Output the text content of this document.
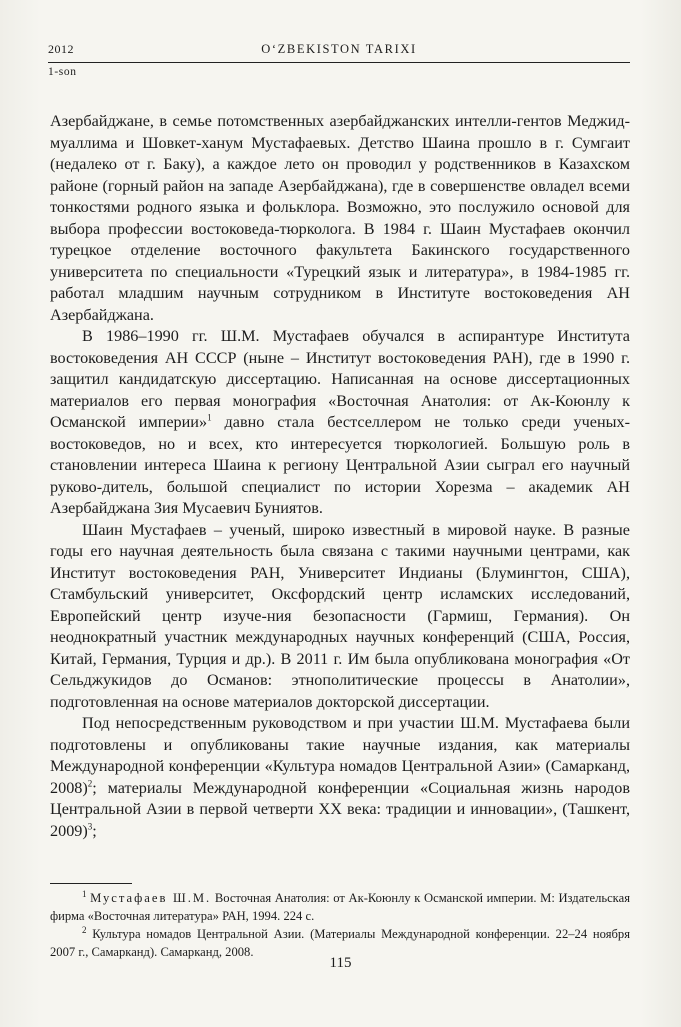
2012	O‘ZBEKISTON TARIXI
1-son

Азербайджане, в семье потомственных азербайджанских интелли-гентов Меджид-муаллима и Шовкет-ханум Мустафаевых. Детство Шаина прошло в г. Сумгаит (недалеко от г. Баку), а каждое лето он проводил у родственников в Казахском районе (горный район на западе Азербайджана), где в совершенстве овладел всеми тонкостями родного языка и фольклора. Возможно, это послужило основой для выбора профессии востоковеда-тюрколога. В 1984 г. Шаин Мустафаев окончил турецкое отделение восточного факультета Бакинского государственного университета по специальности «Турецкий язык и литература», в 1984-1985 гг. работал младшим научным сотрудником в Институте востоковедения АН Азербайджана.

В 1986–1990 гг. Ш.М. Мустафаев обучался в аспирантуре Института востоковедения АН СССР (ныне – Институт востоковедения РАН), где в 1990 г. защитил кандидатскую диссертацию. Написанная на основе диссертационных материалов его первая монография «Восточная Анатолия: от Ак-Коюнлу к Османской империи»$^1$ давно стала бестселлером не только среди ученых-востоковедов, но и всех, кто интересуется тюркологией. Большую роль в становлении интереса Шаина к региону Центральной Азии сыграл его научный руково-дитель, большой специалист по истории Хорезма – академик АН Азербайджана Зия Мусаевич Буниятов.

Шаин Мустафаев – ученый, широко известный в мировой науке. В разные годы его научная деятельность была связана с такими научными центрами, как Институт востоковедения РАН, Университет Индианы (Блумингтон, США), Стамбульский университет, Оксфордский центр исламских исследований, Европейский центр изуче-ния безопасности (Гармиш, Германия). Он неоднократный участник международных научных конференций (США, Россия, Китай, Германия, Турция и др.). В 2011 г. Им была опубликована монография «От Сельджукидов до Османов: этнополитические процессы в Анатолии», подготовленная на основе материалов докторской диссертации.

Под непосредственным руководством и при участии Ш.М. Мустафаева были подготовлены и опубликованы такие научные издания, как материалы Международной конференции «Культура номадов Центральной Азии» (Самарканд, 2008)$^2$; материалы Международной конференции «Социальная жизнь народов Центральной Азии в первой четверти XX века: традиции и инновации», (Ташкент, 2009)$^3$;

$^1$ Мустафаев Ш.М. Восточная Анатолия: от Ак-Коюнлу к Османской империи. М: Издательская фирма «Восточная литература» РАН, 1994. 224 с.

$^2$ Культура номадов Центральной Азии. (Материалы Международной конференции. 22–24 ноября 2007 г., Самарканд). Самарканд, 2008.

115
